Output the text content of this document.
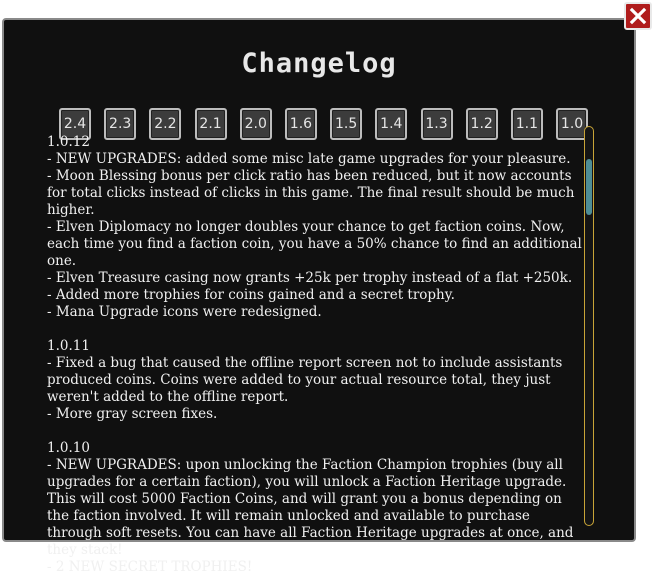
Changelog
2.4	2.3	2.2	2.1	2.0	1.6	1.5	1.4	1.3	1.2	1.1	1.0
1.0.12
- NEW UPGRADES: added some misc late game upgrades for your pleasure.
- Moon Blessing bonus per click ratio has been reduced, but it now accounts for total clicks instead of clicks in this game. The final result should be much higher.
- Elven Diplomacy no longer doubles your chance to get faction coins. Now, each time you find a faction coin, you have a 50% chance to find an additional one.
- Elven Treasure casing now grants +25k per trophy instead of a flat +250k.
- Added more trophies for coins gained and a secret trophy.
- Mana Upgrade icons were redesigned.
1.0.11
- Fixed a bug that caused the offline report screen not to include assistants produced coins. Coins were added to your actual resource total, they just weren't added to the offline report.
- More gray screen fixes.
1.0.10
- NEW UPGRADES: upon unlocking the Faction Champion trophies (buy all upgrades for a certain faction), you will unlock a Faction Heritage upgrade. This will cost 5000 Faction Coins, and will grant you a bonus depending on the faction involved. It will remain unlocked and available to purchase through soft resets. You can have all Faction Heritage upgrades at once, and they stack!
- 2 NEW SECRET TROPHIES!
